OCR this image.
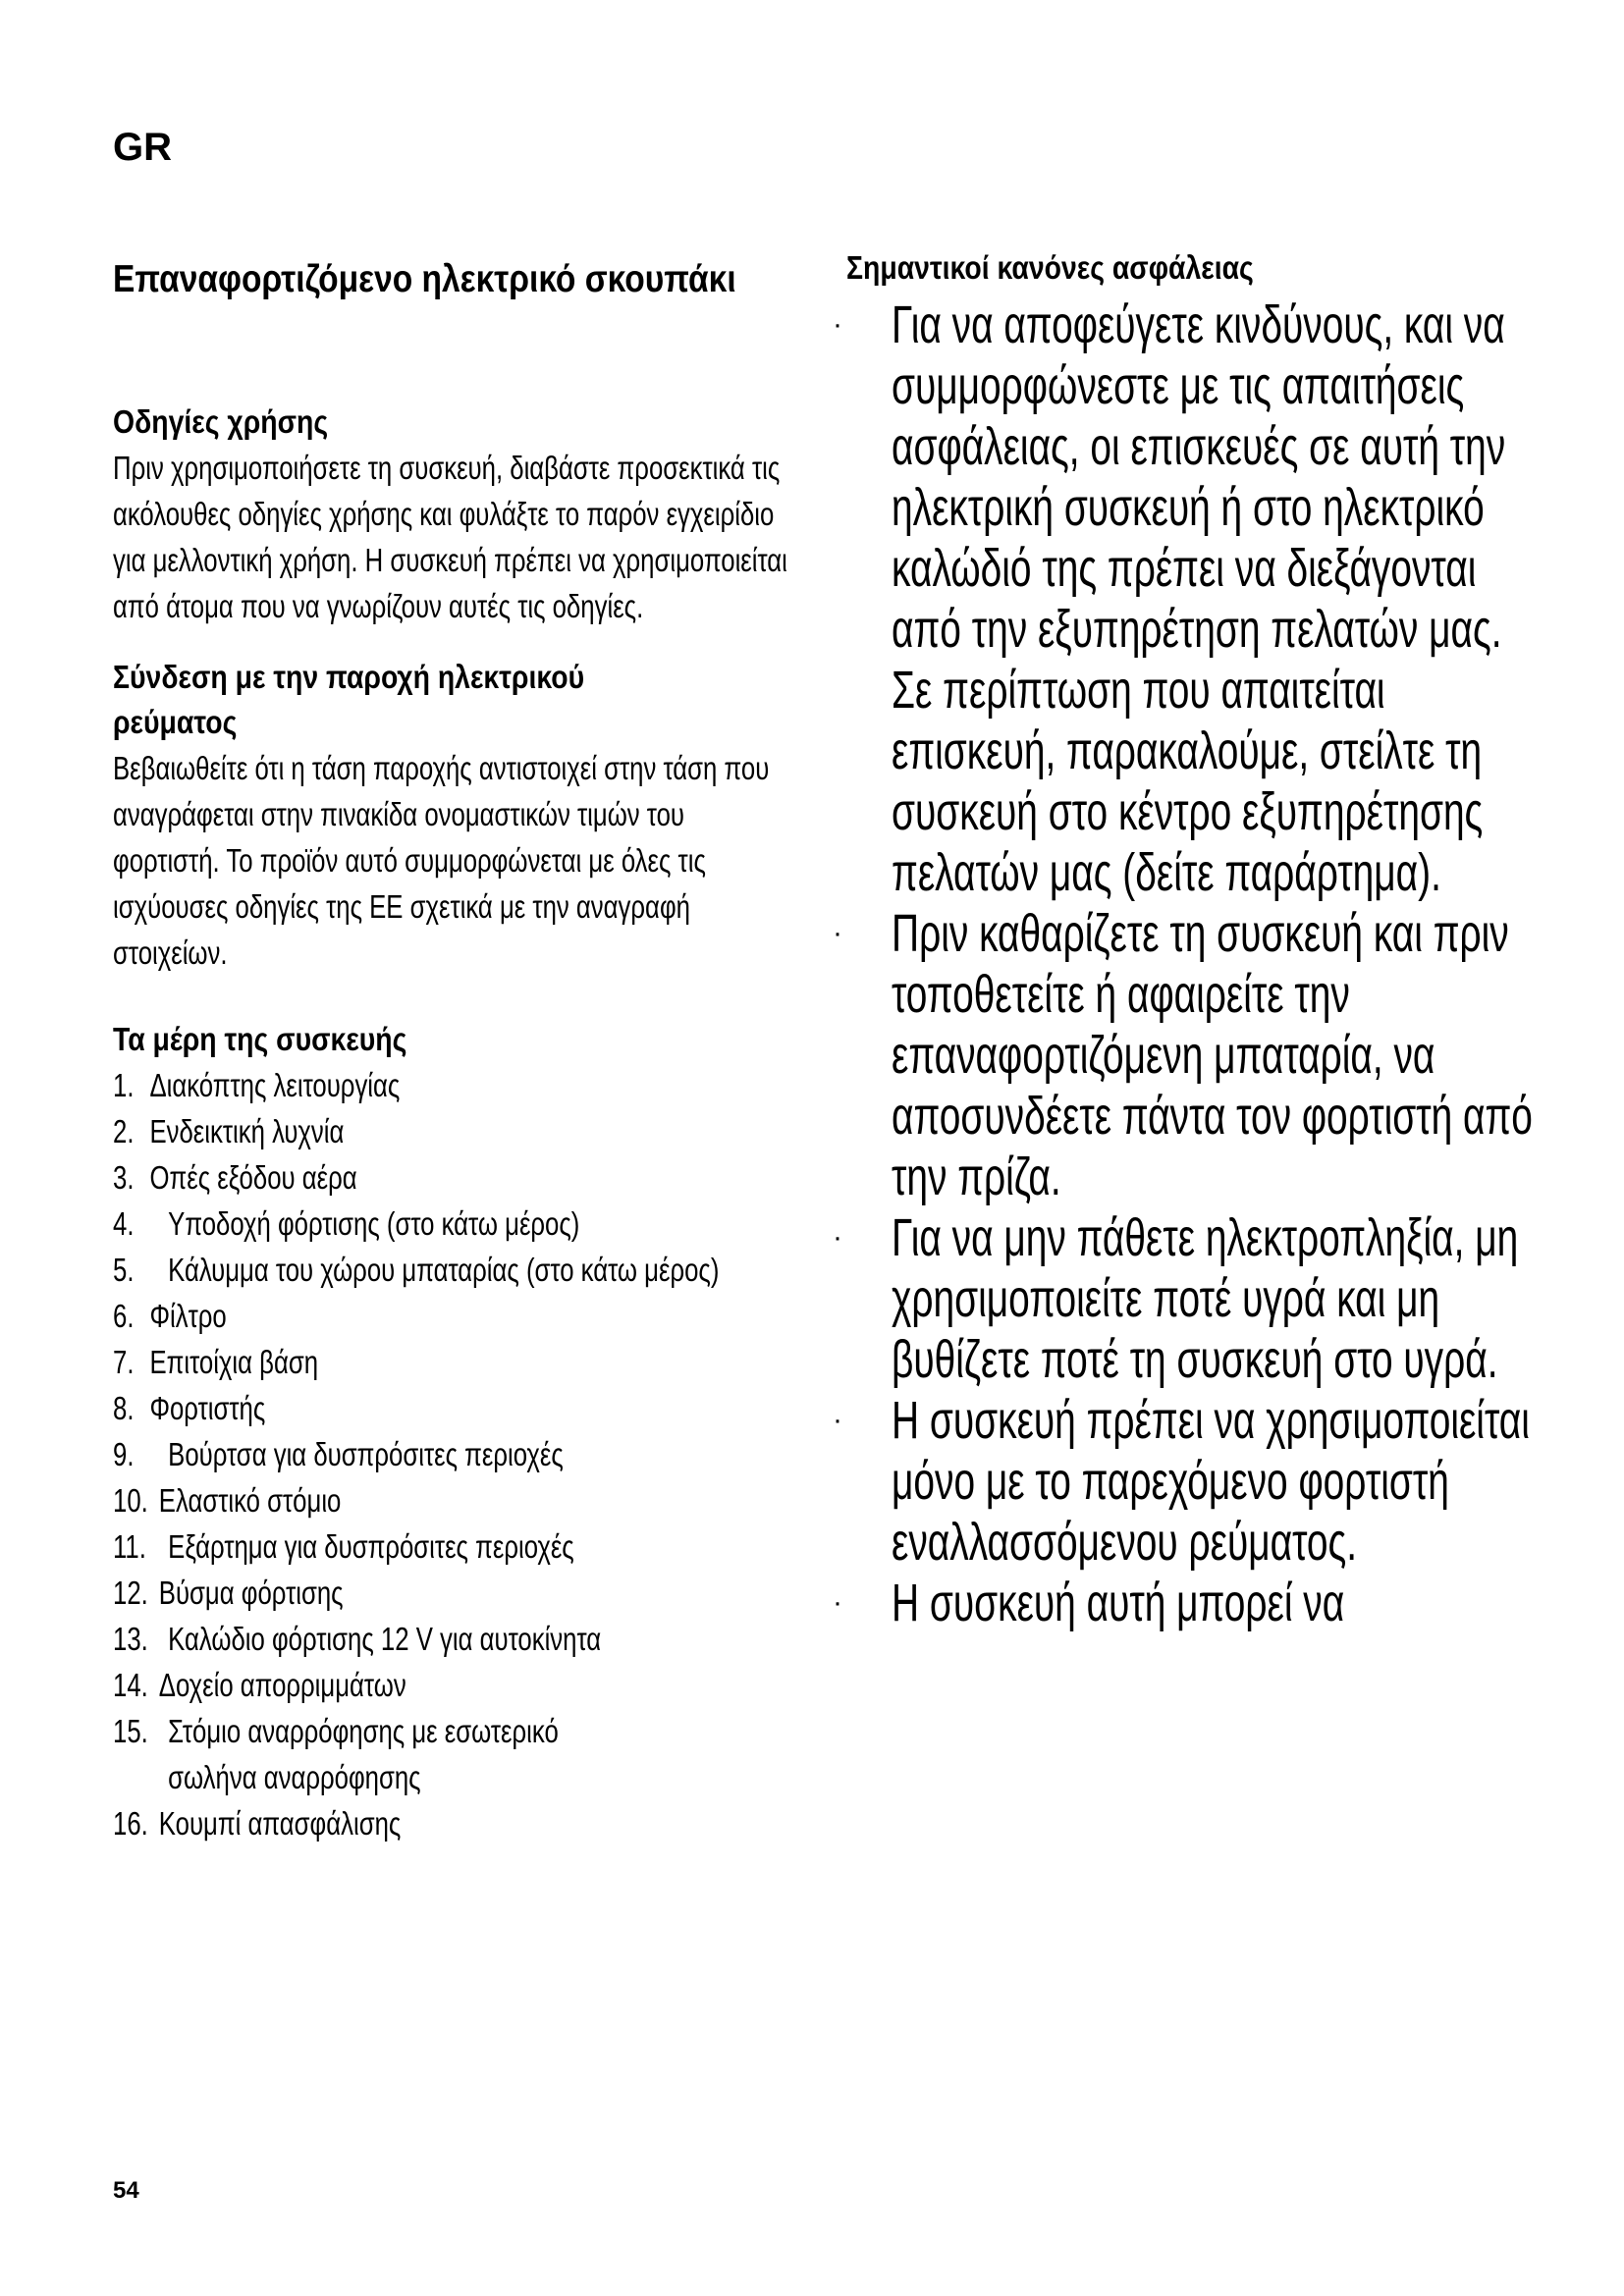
GR
Επαναφορτιζόμενο ηλεκτρικό σκουπάκι
Οδηγίες χρήσης

Πριν χρησιμοποιήσετε τη συσκευή, διαβάστε προσεκτικά τις ακόλουθες οδηγίες χρήσης και φυλάξτε το παρόν εγχειρίδιο για μελλοντική χρήση. Η συσκευή πρέπει να χρησιμοποιείται από άτομα που να γνωρίζουν αυτές τις οδηγίες.

Σύνδεση με την παροχή ηλεκτρικού ρεύματος

Βεβαιωθείτε ότι η τάση παροχής αντιστοιχεί στην τάση που αναγράφεται στην πινακίδα ονομαστικών τιμών του φορτιστή. Το προϊόν αυτό συμμορφώνεται με όλες τις ισχύουσες οδηγίες της ΕΕ σχετικά με την αναγραφή στοιχείων.

Τα μέρη της συσκευής
1. Διακόπτης λειτουργίας
2. Ενδεικτική λυχνία
3. Οπές εξόδου αέρα
4.	Υποδοχή φόρτισης (στο κάτω μέρος)
5.	Κάλυμμα του χώρου μπαταρίας (στο κάτω μέρος)
6. Φίλτρο
7. Επιτοίχια βάση
8. Φορτιστής
9.	Βούρτσα για δυσπρόσιτες περιοχές
10. Ελαστικό στόμιο
11. Εξάρτημα για δυσπρόσιτες περιοχές
12. Βύσμα φόρτισης
13. Καλώδιο φόρτισης 12 V για αυτοκίνητα
14. Δοχείο απορριμμάτων
15. Στόμιο αναρρόφησης με εσωτερικό σωλήνα αναρρόφησης
16. Κουμπί απασφάλισης
54
Σημαντικοί κανόνες ασφάλειας
· Για να αποφεύγετε κινδύνους, και να συμμορφώνεστε με τις απαιτήσεις ασφάλειας, οι επισκευές σε αυτή την ηλεκτρική συσκευή ή στο ηλεκτρικό καλώδιό της πρέπει να διεξάγονται από την εξυπηρέτηση πελατών μας. Σε περίπτωση που απαιτείται επισκευή, παρακαλούμε, στείλτε τη συσκευή στο κέντρο εξυπηρέτησης πελατών μας (δείτε παράρτημα).

· Πριν καθαρίζετε τη συσκευή και πριν τοποθετείτε ή αφαιρείτε την επαναφορτιζόμενη μπαταρία, να αποσυνδέετε πάντα τον φορτιστή από την πρίζα.

· Για να μην πάθετε ηλεκτροπληξία, μη χρησιμοποιείτε ποτέ υγρά και μη βυθίζετε ποτέ τη συσκευή στο υγρά.

· Η συσκευή πρέπει να χρησιμοποιείται μόνο με το παρεχόμενο φορτιστή εναλλασσόμενου ρεύματος.

· Η συσκευή αυτή μπορεί να
